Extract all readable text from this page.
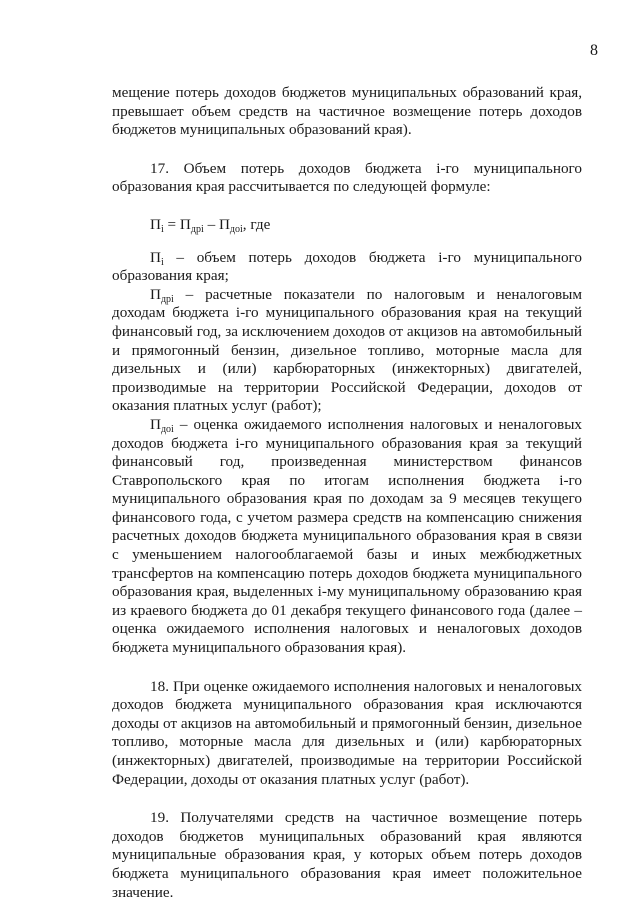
8

мещение потерь доходов бюджетов муниципальных образований края, превышает объем средств на частичное возмещение потерь доходов бюджетов муниципальных образований края).

17. Объем потерь доходов бюджета i-го муниципального образования края рассчитывается по следующей формуле:

$П_i = П_{дрi} - П_{доi}$, где

$П_i$ – объем потерь доходов бюджета i-го муниципального образования края;

$П_{дрi}$ – расчетные показатели по налоговым и неналоговым доходам бюджета i-го муниципального образования края на текущий финансовый год, за исключением доходов от акцизов на автомобильный и прямогонный бензин, дизельное топливо, моторные масла для дизельных и (или) карбюраторных (инжекторных) двигателей, производимые на территории Российской Федерации, доходов от оказания платных услуг (работ);

$П_{доi}$ – оценка ожидаемого исполнения налоговых и неналоговых доходов бюджета i-го муниципального образования края за текущий финансовый год, произведенная министерством финансов Ставропольского края по итогам исполнения бюджета i-го муниципального образования края по доходам за 9 месяцев текущего финансового года, с учетом размера средств на компенсацию снижения расчетных доходов бюджета муниципального образования края в связи с уменьшением налогооблагаемой базы и иных межбюджетных трансфертов на компенсацию потерь доходов бюджета муниципального образования края, выделенных i-му муниципальному образованию края из краевого бюджета до 01 декабря текущего финансового года (далее – оценка ожидаемого исполнения налоговых и неналоговых доходов бюджета муниципального образования края).

18. При оценке ожидаемого исполнения налоговых и неналоговых доходов бюджета муниципального образования края исключаются доходы от акцизов на автомобильный и прямогонный бензин, дизельное топливо, моторные масла для дизельных и (или) карбюраторных (инжекторных) двигателей, производимые на территории Российской Федерации, доходы от оказания платных услуг (работ).

19. Получателями средств на частичное возмещение потерь доходов бюджетов муниципальных образований края являются муниципальные образования края, у которых объем потерь доходов бюджета муниципального образования края имеет положительное значение.
